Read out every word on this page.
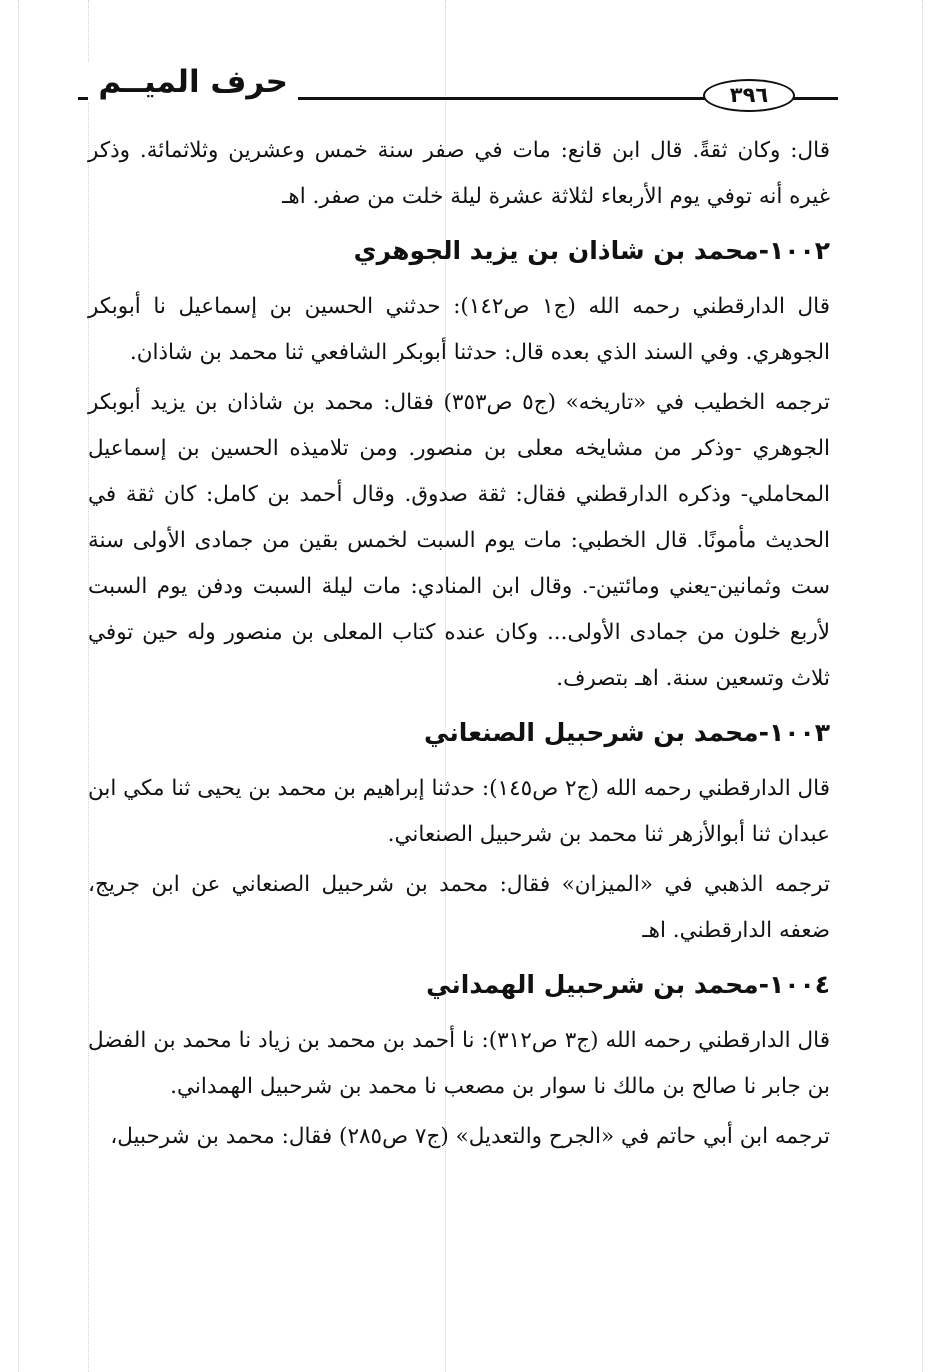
حرف الميــم	٣٩٦

قال: وكان ثقةً. قال ابن قانع: مات في صفر سنة خمس وعشرين وثلاثمائة. وذكر غيره أنه توفي يوم الأربعاء لثلاثة عشرة ليلة خلت من صفر. اهـ

١٠٠٢-محمد بن شاذان بن يزيد الجوهري

قال الدارقطني رحمه الله (ج١ ص١٤٢): حدثني الحسين بن إسماعيل نا أبوبكر الجوهري. وفي السند الذي بعده قال: حدثنا أبوبكر الشافعي ثنا محمد بن شاذان.

ترجمه الخطيب في «تاريخه» (ج٥ ص٣٥٣) فقال: محمد بن شاذان بن يزيد أبوبكر الجوهري -وذكر من مشايخه معلى بن منصور. ومن تلاميذه الحسين بن إسماعيل المحاملي- وذكره الدارقطني فقال: ثقة صدوق. وقال أحمد بن كامل: كان ثقة في الحديث مأمونًا. قال الخطبي: مات يوم السبت لخمس بقين من جمادى الأولى سنة ست وثمانين-يعني ومائتين-. وقال ابن المنادي: مات ليلة السبت ودفن يوم السبت لأربع خلون من جمادى الأولى... وكان عنده كتاب المعلى بن منصور وله حين توفي ثلاث وتسعين سنة. اهـ بتصرف.

١٠٠٣-محمد بن شرحبيل الصنعاني

قال الدارقطني رحمه الله (ج٢ ص١٤٥): حدثنا إبراهيم بن محمد بن يحيى ثنا مكي ابن عبدان ثنا أبوالأزهر ثنا محمد بن شرحبيل الصنعاني.

ترجمه الذهبي في «الميزان» فقال: محمد بن شرحبيل الصنعاني عن ابن جريج، ضعفه الدارقطني. اهـ

١٠٠٤-محمد بن شرحبيل الهمداني

قال الدارقطني رحمه الله (ج٣ ص٣١٢): نا أحمد بن محمد بن زياد نا محمد بن الفضل بن جابر نا صالح بن مالك نا سوار بن مصعب نا محمد بن شرحبيل الهمداني.

ترجمه ابن أبي حاتم في «الجرح والتعديل» (ج٧ ص٢٨٥) فقال: محمد بن شرحبيل،
